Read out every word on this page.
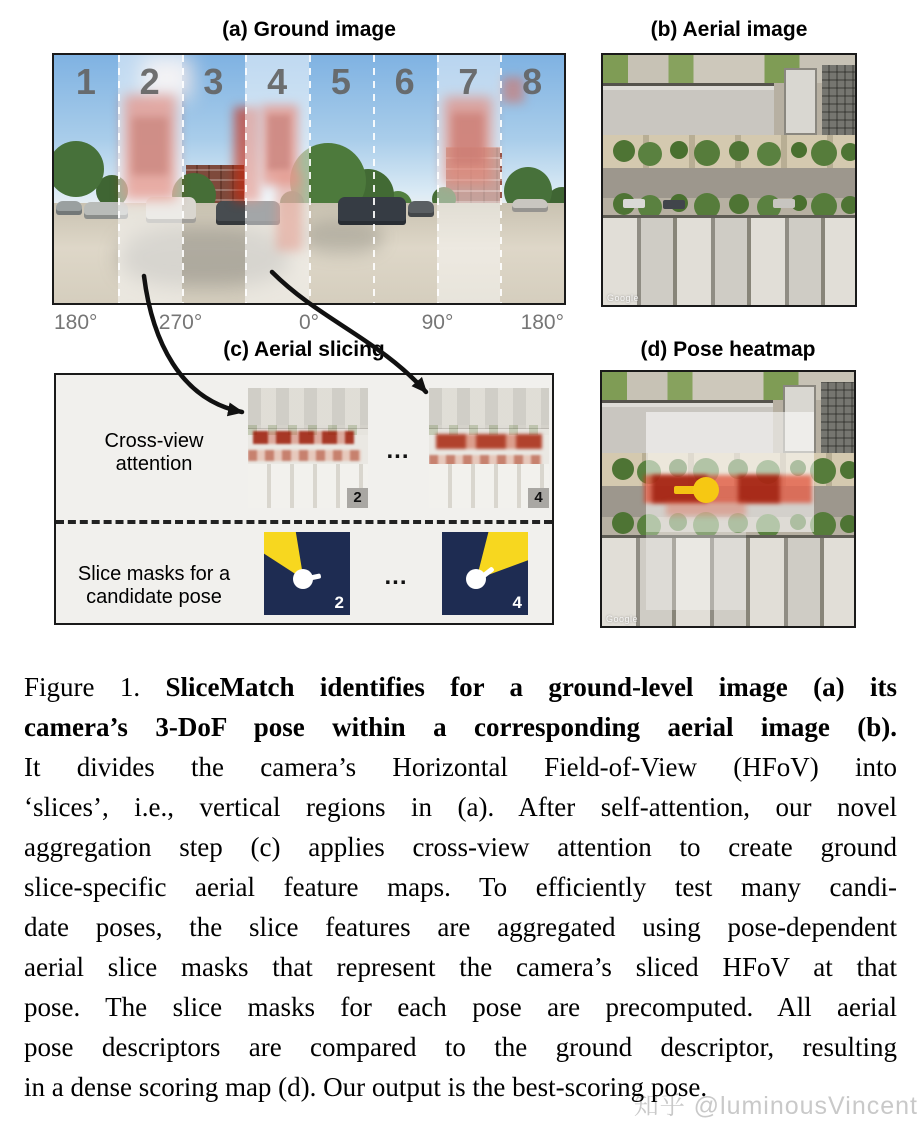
(a) Ground image	(b) Aerial image
(c) Aerial slicing	(d) Pose heatmap
1	2	3	4	5	6	7	8
180°	270°	0°	90°	180°
Google
Cross-view
attention
2
...
4
Slice masks for a
candidate pose	2
...
4
Google
Figure 1. SliceMatch identifies for a ground-level image (a) its
camera’s 3-DoF pose within a corresponding aerial image (b).
It divides the camera’s Horizontal Field-of-View (HFoV) into
‘slices’, i.e., vertical regions in (a). After self-attention, our novel
aggregation step (c) applies cross-view attention to create ground
slice-specific aerial feature maps. To efficiently test many candi-
date poses, the slice features are aggregated using pose-dependent
aerial slice masks that represent the camera’s sliced HFoV at that
pose. The slice masks for each pose are precomputed. All aerial
pose descriptors are compared to the ground descriptor, resulting
in a dense scoring map (d). Our output is the best-scoring pose.
知乎 @luminousVincent
